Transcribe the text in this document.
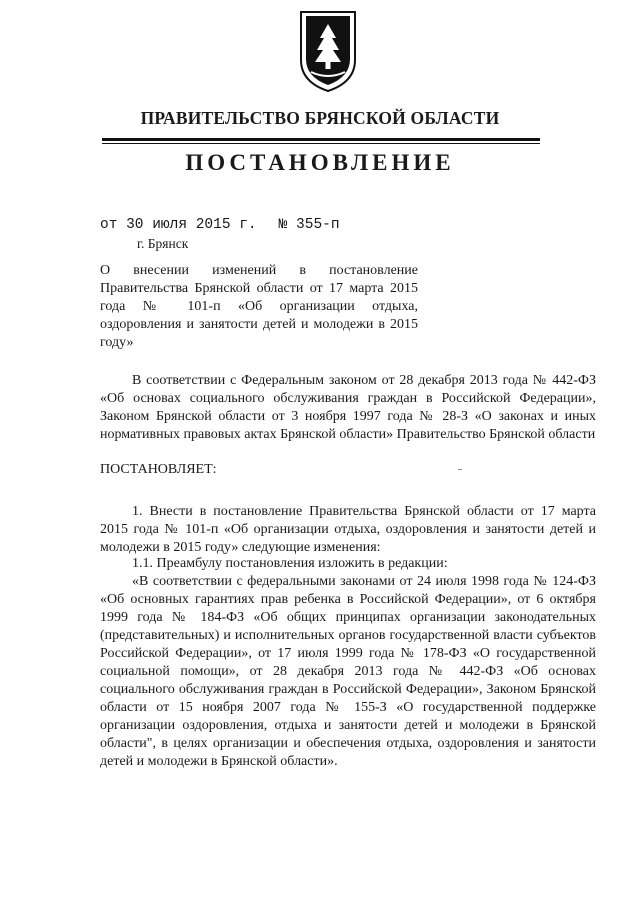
ПРАВИТЕЛЬСТВО БРЯНСКОЙ ОБЛАСТИ
ПОСТАНОВЛЕНИЕ
от 30 июля 2015 г. № 355-п
г. Брянск

О внесении изменений в постановление Правительства Брянской области от 17 марта 2015 года № 101-п «Об организации отдыха, оздоровления и занятости детей и молодежи в 2015 году»

В соответствии с Федеральным законом от 28 декабря 2013 года № 442-ФЗ «Об основах социального обслуживания граждан в Российской Федерации», Законом Брянской области от 3 ноября 1997 года № 28-З «О законах и иных нормативных правовых актах Брянской области» Правительство Брянской области

ПОСТАНОВЛЯЕТ:

1. Внести в постановление Правительства Брянской области от 17 марта 2015 года № 101-п «Об организации отдыха, оздоровления и занятости детей и молодежи в 2015 году» следующие изменения:

1.1. Преамбулу постановления изложить в редакции:

«В соответствии с федеральными законами от 24 июля 1998 года № 124-ФЗ «Об основных гарантиях прав ребенка в Российской Федерации», от 6 октября 1999 года № 184-ФЗ «Об общих принципах организации законодательных (представительных) и исполнительных органов государственной власти субъектов Российской Федерации», от 17 июля 1999 года № 178-ФЗ «О государственной социальной помощи», от 28 декабря 2013 года № 442-ФЗ «Об основах социального обслуживания граждан в Российской Федерации», Законом Брянской области от 15 ноября 2007 года № 155-З «О государственной поддержке организации оздоровления, отдыха и занятости детей и молодежи в Брянской области", в целях организации и обеспечения отдыха, оздоровления и занятости детей и молодежи в Брянской области».
